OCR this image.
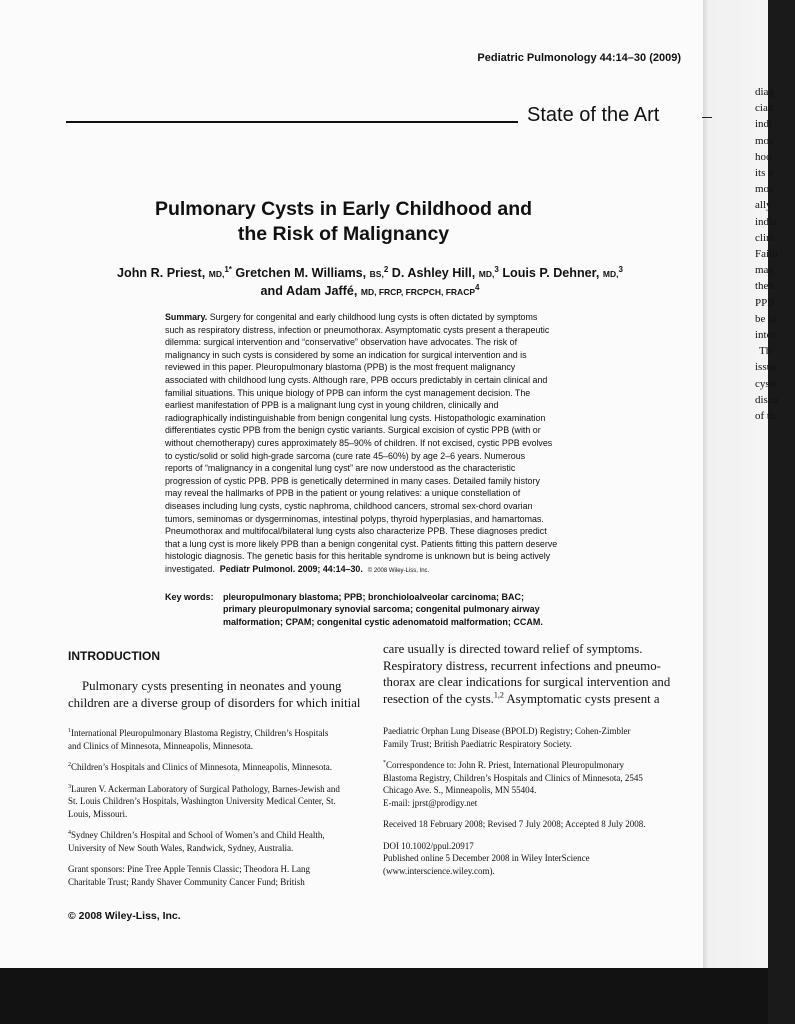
Pediatric Pulmonology 44:14–30 (2009)
State of the Art
Pulmonary Cysts in Early Childhood and
the Risk of Malignancy
John R. Priest, MD,$^{1*}$ Gretchen M. Williams, BS,$^2$ D. Ashley Hill, MD,$^3$ Louis P. Dehner, MD,$^3$
and Adam Jaffé, MD, FRCP, FRCPCH, FRACP$^4$
Summary. Surgery for congenital and early childhood lung cysts is often dictated by symptoms
such as respiratory distress, infection or pneumothorax. Asymptomatic cysts present a therapeutic
dilemma: surgical intervention and “conservative” observation have advocates. The risk of
malignancy in such cysts is considered by some an indication for surgical intervention and is
reviewed in this paper. Pleuropulmonary blastoma (PPB) is the most frequent malignancy
associated with childhood lung cysts. Although rare, PPB occurs predictably in certain clinical and
familial situations. This unique biology of PPB can inform the cyst management decision. The
earliest manifestation of PPB is a malignant lung cyst in young children, clinically and
radiographically indistinguishable from benign congenital lung cysts. Histopathologic examination
differentiates cystic PPB from the benign cystic variants. Surgical excision of cystic PPB (with or
without chemotherapy) cures approximately 85–90% of children. If not excised, cystic PPB evolves
to cystic/solid or solid high-grade sarcoma (cure rate 45–60%) by age 2–6 years. Numerous
reports of “malignancy in a congenital lung cyst” are now understood as the characteristic
progression of cystic PPB. PPB is genetically determined in many cases. Detailed family history
may reveal the hallmarks of PPB in the patient or young relatives: a unique constellation of
diseases including lung cysts, cystic naphroma, childhood cancers, stromal sex-chord ovarian
tumors, seminomas or dysgerminomas, intestinal polyps, thyroid hyperplasias, and hamartomas.
Pneumothorax and multifocal/bilateral lung cysts also characterize PPB. These diagnoses predict
that a lung cyst is more likely PPB than a benign congenital cyst. Patients fitting this pattern deserve
histologic diagnosis. The genetic basis for this heritable syndrome is unknown but is being actively
investigated. Pediatr Pulmonol. 2009; 44:14–30. © 2008 Wiley-Liss, Inc.
Key words: pleuropulmonary blastoma; PPB; bronchioloalveolar carcinoma; BAC;
primary pleuropulmonary synovial sarcoma; congenital pulmonary airway
malformation; CPAM; congenital cystic adenomatoid malformation; CCAM.
INTRODUCTION
Pulmonary cysts presenting in neonates and young
children are a diverse group of disorders for which initial
care usually is directed toward relief of symptoms.
Respiratory distress, recurrent infections and pneumo-
thorax are clear indications for surgical intervention and
resection of the cysts.$^{1,2}$ Asymptomatic cysts present a
$^1$International Pleuropulmonary Blastoma Registry, Children’s Hospitals
and Clinics of Minnesota, Minneapolis, Minnesota.
$^2$Children’s Hospitals and Clinics of Minnesota, Minneapolis, Minnesota.
$^3$Lauren V. Ackerman Laboratory of Surgical Pathology, Barnes-Jewish and
St. Louis Children’s Hospitals, Washington University Medical Center, St.
Louis, Missouri.
$^4$Sydney Children’s Hospital and School of Women’s and Child Health,
University of New South Wales, Randwick, Sydney, Australia.
Grant sponsors: Pine Tree Apple Tennis Classic; Theodora H. Lang
Charitable Trust; Randy Shaver Community Cancer Fund; British
Paediatric Orphan Lung Disease (BPOLD) Registry; Cohen-Zimbler
Family Trust; British Paediatric Respiratory Society.
*Correspondence to: John R. Priest, International Pleuropulmonary
Blastoma Registry, Children’s Hospitals and Clinics of Minnesota, 2545
Chicago Ave. S., Minneapolis, MN 55404.
E-mail: jprst@prodigy.net
Received 18 February 2008; Revised 7 July 2008; Accepted 8 July 2008.
DOI 10.1002/ppul.20917
Published online 5 December 2008 in Wiley InterScience
(www.interscience.wiley.com).
© 2008 Wiley-Liss, Inc.
diag
cian
indi
mos
hoo
its e
mos
ally
indis
clini
Failu
may
theh
PPB
be ta
inter
Th
issue
cysts
discu
of th
